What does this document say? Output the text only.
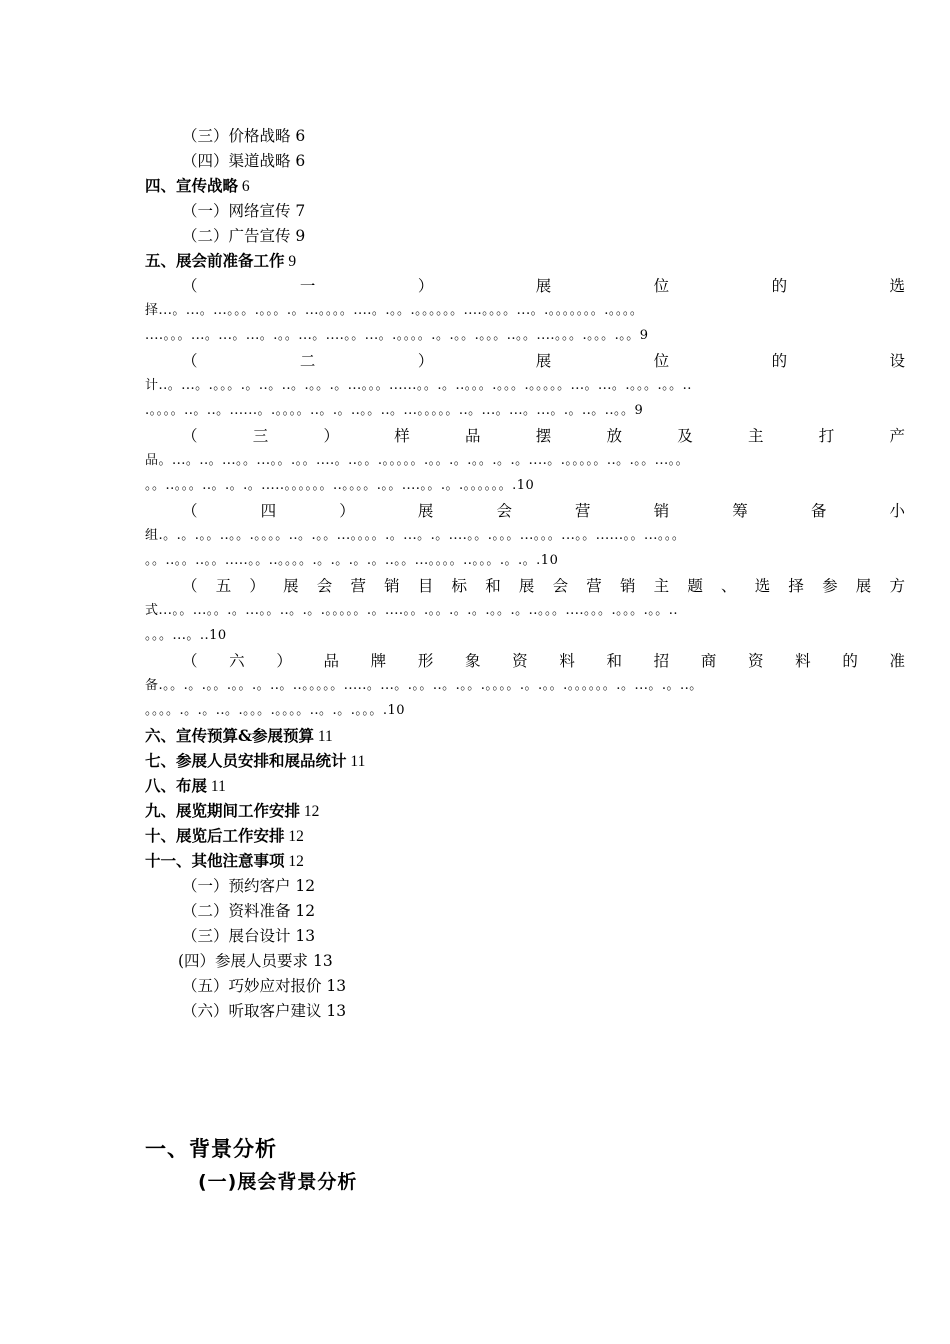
（三）价格战略 6
（四）渠道战略 6
四、宣传战略 6
（一）网络宣传 7
（二）广告宣传 9
五、展会前准备工作 9
（一）展位的选
择...。...。...。。。.。。。.。...。。。。....。.。。.。。。。。。....。。。。...。.。。。。。。。.。。。。
....。。。...。...。...。.。。...。....。。...。.。。。。.。.。。.。。。..。。....。。。.。。。.。。9
（二）展位的设
计..。...。.。。。.。..。..。.。。.。...。。。......。。.。..。。。.。。。.。。。。。...。...。.。。。.。。..
.。。。。..。..。......。.。。。。..。.。..。。..。...。。。。。..。...。...。...。.。..。..。。9
（三）样品摆放及主打产
品。...。..。...。。...。。.。。....。..。。.。。。。。.。。.。.。。.。.。....。.。。。。。..。.。。...。。
。。..。。。..。.。.。.....。。。。。。..。。。。.。。....。。.。.。。。。。。.10
（四）展会营销筹备小
组.。.。.。。..。。.。。。。..。.。。...。。。。.。...。.。....。。.。。。...。。。...。。......。。...。。。
。。..。。..。。.....。。..。。。。.。.。.。.。..。。...。。。。..。。。.。.。.10
（五）展会营销目标和展会营销主题、选择参展方
式...。。...。。.。...。。..。.。.。。。。。.。....。。.。。.。.。.。。.。..。。。....。。。.。。。.。。..
。。。...。..10
（六）品牌形象资料和招商资料的准
备.。。.。.。。.。。.。..。..。。。。。.....。...。.。。..。.。。.。。。。.。.。。.。。。。。。.。...。.。..。
。。。。.。.。..。.。。。.。。。。..。.。.。。。.10
六、宣传预算&参展预算 11
七、参展人员安排和展品统计 11
八、布展 11
九、展览期间工作安排 12
十、展览后工作安排 12
十一、其他注意事项 12
（一）预约客户 12
（二）资料准备 12
（三）展台设计 13
(四）参展人员要求 13
（五）巧妙应对报价 13
（六）听取客户建议 13
一、背景分析
(一)展会背景分析
